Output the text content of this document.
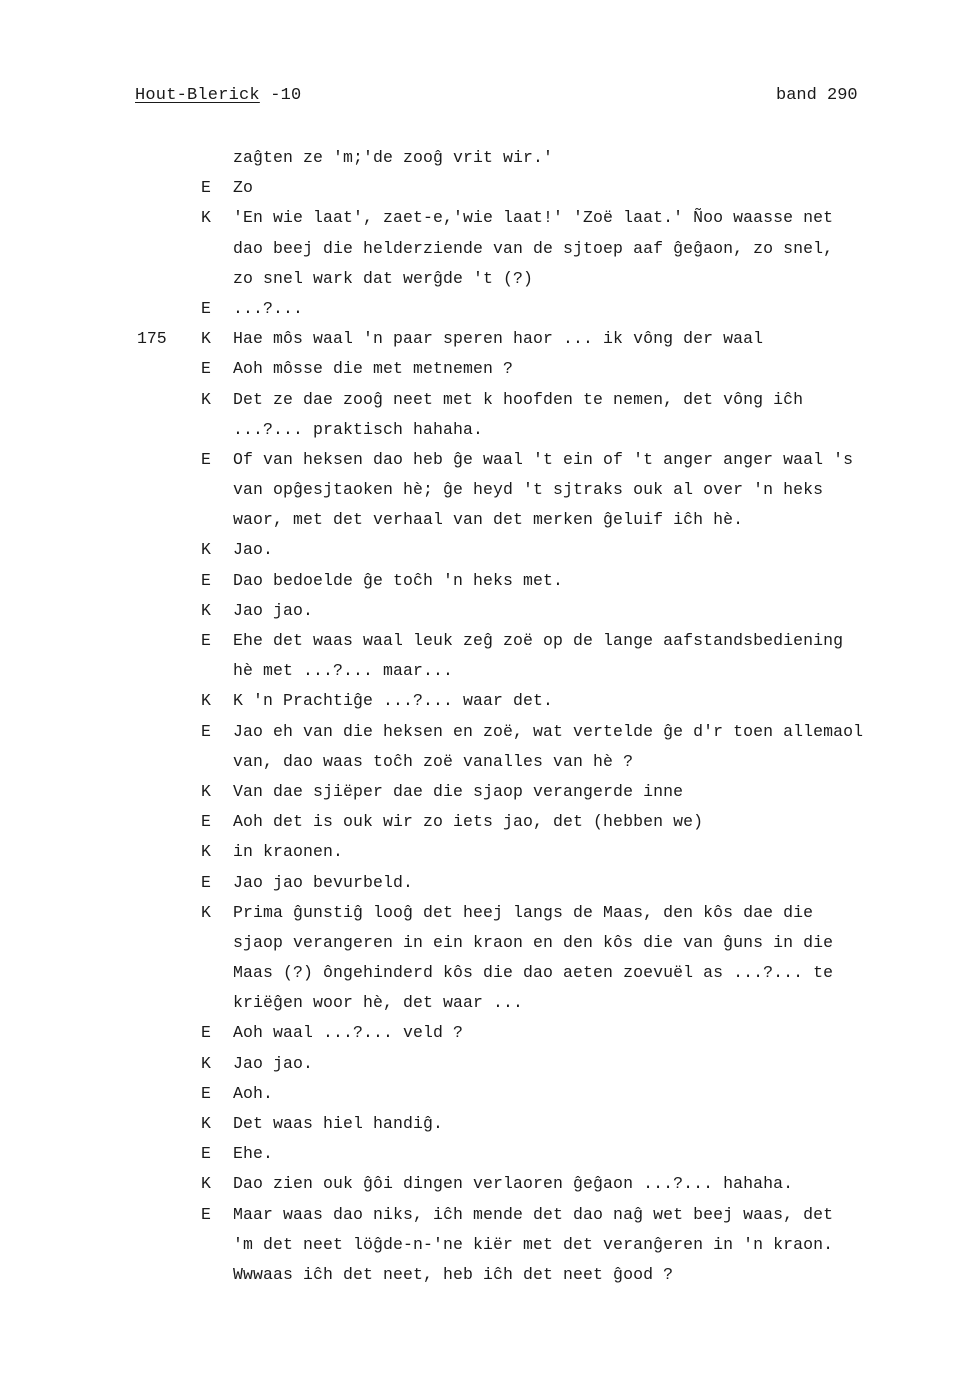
Hout-Blerick -10	band 290
zaĝten ze 'm;'de zooĝ vrit wir.'
E Zo
K 'En wie laat', zaet-e,'wie laat!' 'Zoë laat.' Ñoo waasse net
dao beej die helderziende van de sjtoep aaf ĝeĝaon, zo snel,
zo snel wark dat werĝde 't (?)
E ...?...
175 K Hae môs waal 'n paar speren haor ... ik vông der waal
E Aoh môsse die met metnemen ?
K Det ze dae zooĝ neet met k hoofden te nemen, det vông iĉh
...?... praktisch hahaha.
E Of van heksen dao heb ĝe waal 't ein of 't anger anger waal 's
van opĝesjtaoken hè; ĝe heyd 't sjtraks ouk al over 'n heks
waor, met det verhaal van det merken ĝeluif iĉh hè.
K Jao.
E Dao bedoelde ĝe toĉh 'n heks met.
K Jao jao.
E Ehe det waas waal leuk zeĝ zoë op de lange aafstandsbediening
hè met ...?... maar...
K K 'n Prachtiĝe ...?... waar det.
E Jao eh van die heksen en zoë, wat vertelde ĝe d'r toen allemaol
van, dao waas toĉh zoë vanalles van hè ?
K Van dae sjiëper dae die sjaop verangerde inne
E Aoh det is ouk wir zo iets jao, det (hebben we)
K in kraonen.
E Jao jao bevurbeld.
K Prima ĝunstiĝ looĝ det heej langs de Maas, den kôs dae die
sjaop verangeren in ein kraon en den kôs die van ĝuns in die
Maas (?) ôngehinderd kôs die dao aeten zoevuël as ...?... te
kriëĝen woor hè, det waar ...
E Aoh waal ...?... veld ?
K Jao jao.
E Aoh.
K Det waas hiel handiĝ.
E Ehe.
K Dao zien ouk ĝôi dingen verlaoren ĝeĝaon ...?... hahaha.
E Maar waas dao niks, iĉh mende det dao naĝ wet beej waas, det
'm det neet löĝde-n-'ne kiër met det veranĝeren in 'n kraon.
Wwwaas iĉh det neet, heb iĉh det neet ĝood ?
